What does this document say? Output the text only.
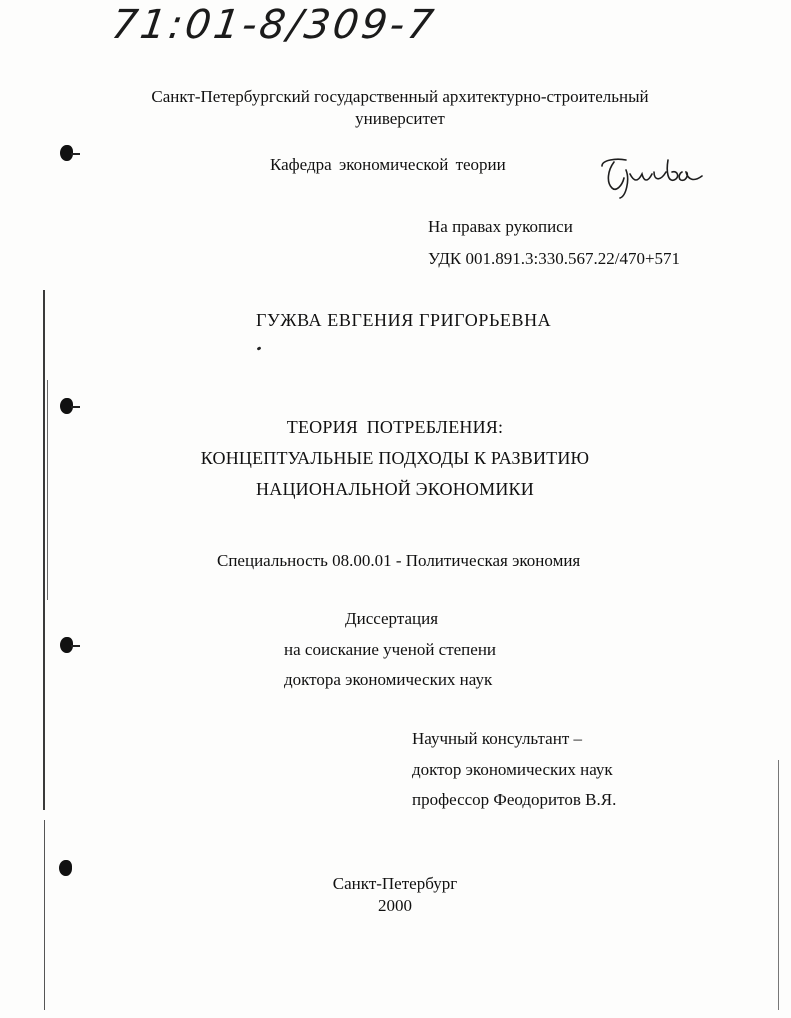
71:01-8/309-7
Санкт-Петербургский государственный архитектурно-строительный
университет
Кафедра экономической теории
На правах рукописи
УДК 001.891.3:330.567.22/470+571
ГУЖВА ЕВГЕНИЯ ГРИГОРЬЕВНА
ТЕОРИЯ ПОТРЕБЛЕНИЯ:
КОНЦЕПТУАЛЬНЫЕ ПОДХОДЫ К РАЗВИТИЮ
НАЦИОНАЛЬНОЙ ЭКОНОМИКИ
Специальность 08.00.01 - Политическая экономия
Диссертация
на соискание ученой степени
доктора экономических наук
Научный консультант –
доктор экономических наук
профессор Феодоритов В.Я.
Санкт-Петербург
2000
